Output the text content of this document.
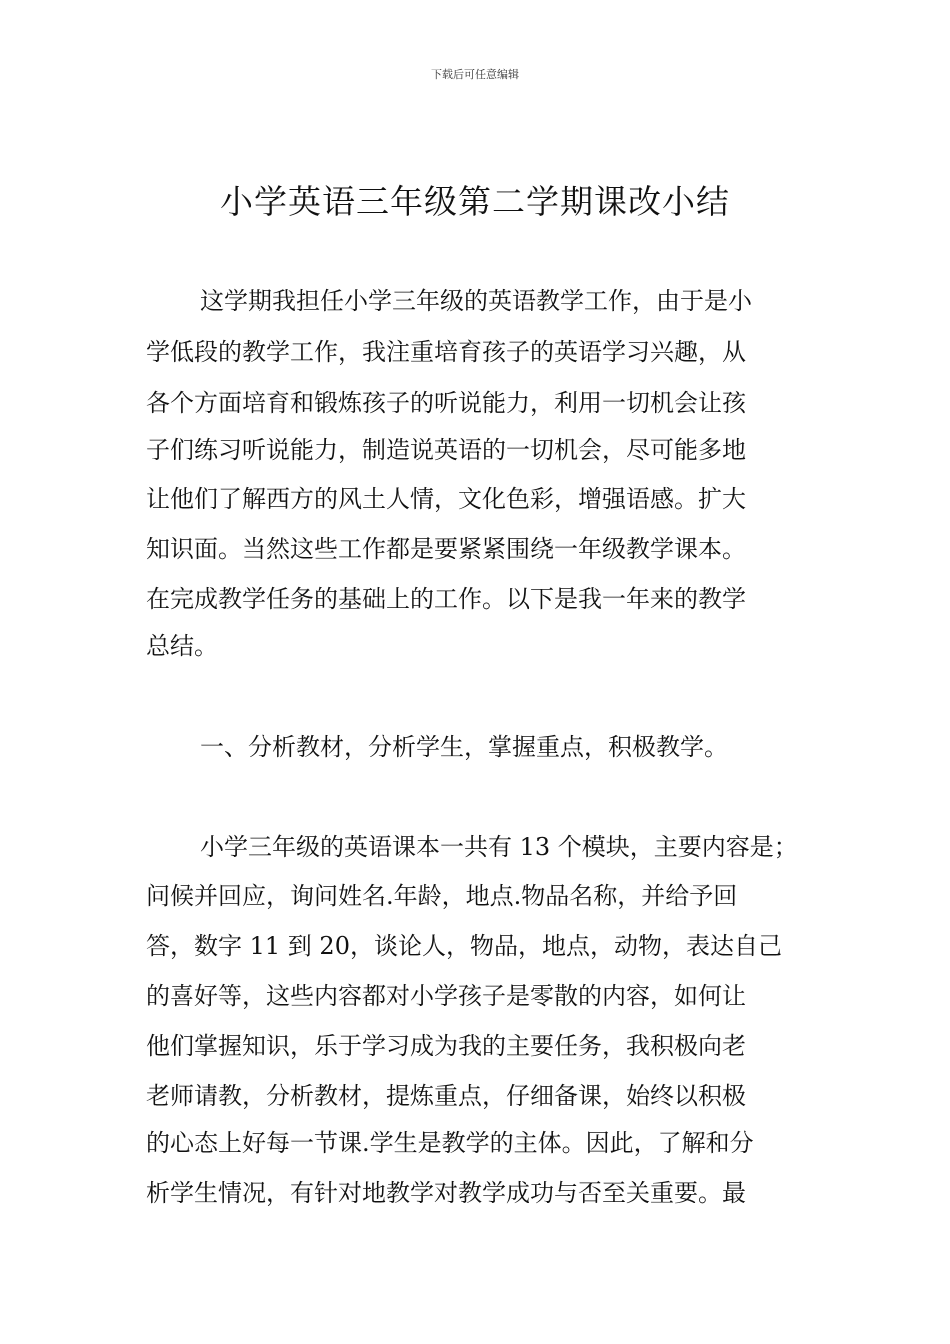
下载后可任意编辑
小学英语三年级第二学期课改小结
这学期我担任小学三年级的英语教学工作，由于是小
学低段的教学工作，我注重培育孩子的英语学习兴趣，从
各个方面培育和锻炼孩子的听说能力，利用一切机会让孩
子们练习听说能力，制造说英语的一切机会，尽可能多地
让他们了解西方的风土人情，文化色彩，增强语感。扩大
知识面。当然这些工作都是要紧紧围绕一年级教学课本。
在完成教学任务的基础上的工作。以下是我一年来的教学
总结。
一、分析教材，分析学生，掌握重点，积极教学。
小学三年级的英语课本一共有 13 个模块，主要内容是；
问候并回应，询问姓名.年龄，地点.物品名称，并给予回
答，数字 11 到 20，谈论人，物品，地点，动物，表达自己
的喜好等，这些内容都对小学孩子是零散的内容，如何让
他们掌握知识，乐于学习成为我的主要任务，我积极向老
老师请教，分析教材，提炼重点，仔细备课，始终以积极
的心态上好每一节课.学生是教学的主体。因此，了解和分
析学生情况，有针对地教学对教学成功与否至关重要。最
